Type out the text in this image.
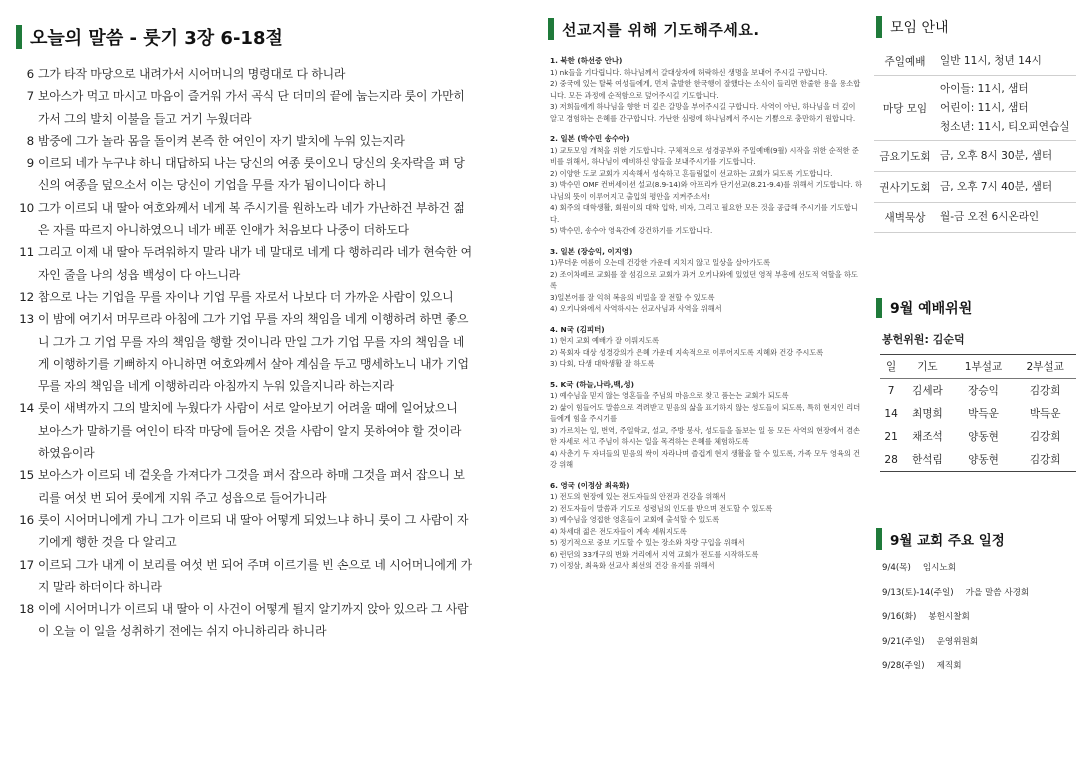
오늘의 말씀 - 룻기 3장 6-18절
6 그가 타작 마당으로 내려가서 시어머니의 명령대로 다 하니라
7 보아스가 먹고 마시고 마음이 즐거워 가서 곡식 단 더미의 끝에 눕는지라 룻이 가만히
가서 그의 발치 이불을 들고 거기 누웠더라
8 밤중에 그가 놀라 몸을 돌이켜 본즉 한 여인이 자기 발치에 누워 있는지라
9 이르되 네가 누구냐 하니 대답하되 나는 당신의 여종 룻이오니 당신의 옷자락을 펴 당
신의 여종을 덮으소서 이는 당신이 기업을 무를 자가 됨이니이다 하니
10 그가 이르되 내 딸아 여호와께서 네게 복 주시기를 원하노라 네가 가난하건 부하건 젊
은 자를 따르지 아니하였으니 네가 베푼 인애가 처음보다 나중이 더하도다
11 그리고 이제 내 딸아 두려워하지 말라 내가 네 말대로 네게 다 행하리라 네가 현숙한 여
자인 줄을 나의 성읍 백성이 다 아느니라
12 참으로 나는 기업을 무를 자이나 기업 무를 자로서 나보다 더 가까운 사람이 있으니
13 이 밤에 여기서 머무르라 아침에 그가 기업 무를 자의 책임을 네게 이행하려 하면 좋으
니 그가 그 기업 무를 자의 책임을 행할 것이니라 만일 그가 기업 무를 자의 책임을 네
게 이행하기를 기뻐하지 아니하면 여호와께서 살아 계심을 두고 맹세하노니 내가 기업
무를 자의 책임을 네게 이행하리라 아침까지 누워 있을지니라 하는지라
14 룻이 새벽까지 그의 발치에 누웠다가 사람이 서로 알아보기 어려울 때에 일어났으니
보아스가 말하기를 여인이 타작 마당에 들어온 것을 사람이 알지 못하여야 할 것이라
하였음이라
15 보아스가 이르되 네 겉옷을 가져다가 그것을 펴서 잡으라 하매 그것을 펴서 잡으니 보
리를 여섯 번 되어 룻에게 지워 주고 성읍으로 들어가니라
16 룻이 시어머니에게 가니 그가 이르되 내 딸아 어떻게 되었느냐 하니 룻이 그 사람이 자
기에게 행한 것을 다 알리고
17 이르되 그가 내게 이 보리를 여섯 번 되어 주며 이르기를 빈 손으로 네 시어머니에게 가
지 말라 하더이다 하니라
18 이에 시어머니가 이르되 내 딸아 이 사건이 어떻게 될지 알기까지 앉아 있으라 그 사람
이 오늘 이 일을 성취하기 전에는 쉬지 아니하리라 하니라
선교지를 위해 기도해주세요.
1. 북한 (하선증 안나)
1) nk들을 기다립니다. 하나님께서 갈대상자에 허락하신 생명을 보내어 주시길 구합니다.
2) 중국에 있는 탈북 여성들에게, 먼저 출발한 한국행이 잘했다는 소식이 들리면 한줄한 용을 용소합니다. 모든 과정에 순적함으로 덮어주시길 기도합니다.
3) 저희들에게 하나님을 향한 더 깊은 갈망을 부어주시길 구합니다. 사역이 아닌, 하나님을 더 깊이 알고 경험하는 은혜를 간구합니다. 가난한 심령에 하나님께서 주시는 기쁨으로 충만하기 원합니다.
2. 일본 (박수민 송수아)
1) 교토모임 개척을 위한 기도합니다. 구체적으로 성경공부와 주일예배(9월) 시작을 위한 순적한 준비를 위해서, 하나님이 예비하신 양들을 보내주시기를 기도합니다.
2) 이양한 도쿄 교회가 지속해서 성숙하고 흔들림없이 선교하는 교회가 되도록 기도합니다.
3) 박수민 OMF 컨버세이션 설교(8.9-14)와 아프리카 단기선교(8.21-9.4)를 위해서 기도합니다. 하나님의 뜻이 이루어지고 출입의 평안을 지켜주소서!
4) 회주의 대학생활, 회원이의 대학 입학, 비자, 그리고 필요한 모든 것을 공급해 주시기를 기도합니다.
5) 박수민, 송수아 영육간에 강건하기를 기도합니다.
3. 일본 (장승익, 이지영)
1)무더운 여름이 오는데 건강한 가운데 지치지 않고 일상을 살아가도록
2) 조이차페르 교회를 잘 섬김으로 교회가 과거 오키나와에 있었던 영적 부흥에 선도적 역할을 하도록
3)일본어를 잘 익혀 복음의 비밀을 잘 전할 수 있도록
4) 오키나와에서 사역하시는 선교사님과 사역을 위해서
4. N국 (김피터)
1) 현지 교회 예배가 잘 이뤄지도록
2) 목회자 대상 성경강의가 은혜 가운데 지속적으로 이루어지도록 지혜와 건강 주시도록
3) 다회, 다생 대학생활 잘 하도록
5. K국 (하늘,나라,백,성)
1) 예수님을 믿지 않는 영혼들을 주님의 마음으로 찾고 품는는 교회가 되도록
2) 삶이 힘들어도 말씀으로 격려받고 믿음의 삶을 표기하지 않는 성도들이 되도록, 특히 현지인 리더들에게 힘을 주시기를
3) 가르치는 일, 번역, 주일학교, 설교, 주방 봉사, 성도들을 돌보는 일 등 모든 사역의 현장에서 겸손한 자세로 서고 주님이 하시는 일을 목격하는 은혜를 체험하도록
4) 사춘기 두 자녀들의 믿음의 싹이 자라나며 즐겁게 현지 생활을 할 수 있도록, 가족 모두 영육의 건강 위해
6. 영국 (이정삼 최육화)
1) 전도의 현장에 있는 전도자들의 안전과 건강을 위해서
2) 전도자들이 말씀과 기도로 성령님의 인도를 받으며 전도할 수 있도록
3) 예수님을 영접한 영혼들이 교회에 출석할 수 있도록
4) 차세대 젊은 전도자들이 계속 세워지도록
5) 정기적으로 중보 기도할 수 있는 장소와 차량 구입을 위해서
6) 런던의 33개구의 번화 거리에서 지역 교회가 전도를 시작하도록
7) 이정삼, 최육화 선교사 최선의 건강 유지를 위해서
모임 안내
주일예배	일반 11시, 청년 14시

마당 모임	아이들: 11시, 샘터
어린이: 11시, 샘터
청소년: 11시, 티오피연습실

금요기도회	금, 오후 8시 30분, 샘터

권사기도회	금, 오후 7시 40분, 샘터

새벽묵상	월-금 오전 6시온라인
9월 예배위원
봉헌위원: 김순덕
일	기도	1부설교	2부설교
7	김세라	장승익	김강희
14	최명희	박득운	박득운
21	채조석	양동현	김강희
28	한석림	양동현	김강희
9월 교회 주요 일정
9/4(목) 임시노회
9/13(토)-14(주일) 가을 말씀 사경회
9/16(화) 봉헌시찰회
9/21(주일) 운영위원회
9/28(주일) 제직회
